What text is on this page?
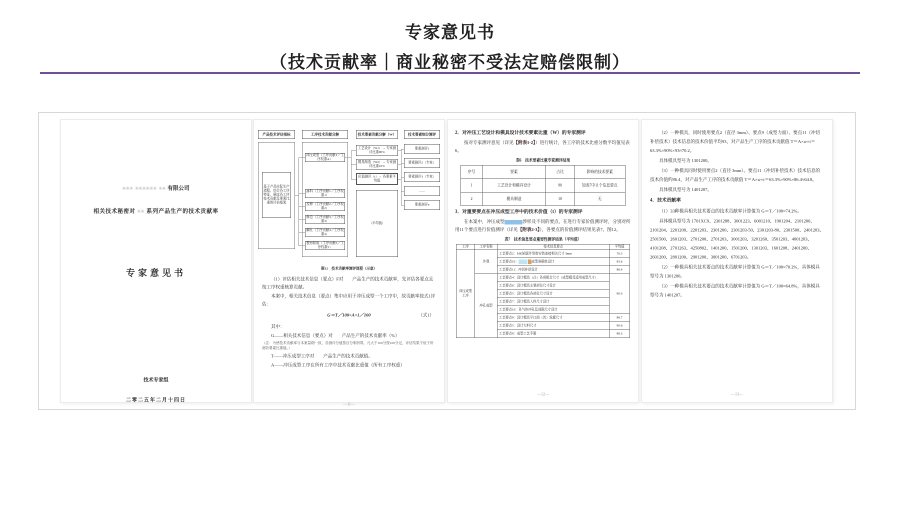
专家意见书
（技术贡献率｜商业秘密不受法定赔偿限制）
××× ×××××× ×× 有限公司
相关技术秘密对 ×× 系列产品生产的技术贡献率
专家意见书
技术专家组
二零二五年二月十四日
产品技术评估指标
基于产品实际生产流程，结合各工序特征，确定各工序技术贡献及要素比重的评估框架
工序技术贡献分解
冲压成型（工序贡献T／工序权重A）
落料（工序贡献1／工序权重1）
拉伸（工序贡献2／工序权重2）
修边（工序贡献3／工序权重3）
翻孔（工序贡献4／工序权重4）
整形检验（工序贡献5／工序权重5）
技术要素贡献分解（W）
工艺设计（W1）→ 专家测评比重90%
模具制造（W2）→ 专家测评比重10%
价值测评（t）→ 各要素平均值
（平均值）
技术要素细分测评
要素测评1
要素测评2（专家）
要素测评3（专家）
……
要素测评n
图12　技术贡献率测评流程（示意）

（1）评估相关技术信息（要点）F对　　产品生产的技术贡献率，先评估各要点且按工序权重核算贡献。

本案中，相关技术信息（要点）集中应用于冲压成型一个工序中，故贡献率按式1评估：

G＝T／100×A×1／100	（式1）

其中：

G——相关技术信息（要点）对　　产品生产的技术贡献率（%）

（注：为使技术贡献率与本案量纲一致，各测评分值按百分制折算，凡大于100分按100分记，评估结果不低于所测各要素比重值。）

T——冲压成型工序对　　产品生产的技术贡献值。

A——冲压成型工序在所有工序中技术贡献比重值（所有工序权重）

—11—
2．对冲压工艺设计和模具设计技术要素比重（W）的专家测评

按对专家测评意见（详见【附表1-2】）进行统计，各工序的技术比重分数平均值见表6。

表6　技术要素比重专家测评结果
序号	要素	占比	影响的技术要素
1	工艺设计和模具设计	90	如表7中11个信息要点
2	模具制造	10	无
3．对重要要点在冲压成型工序中的技术价值（t）的专家测评

在本案中，冲压成型　　 涉样及不同的要点，在进行专家价值测评时，分别对所用11个要点进行价值测评（详见【附表2-3】），各要点的价值测评结果见表7、图12。

表7　技术信息要点重要性测评结果（平均值）
工序	工序名称	技术信息要点	平均值
冲压成型工序	外观	工艺要点2：MK轮廓外形和安装连接相关尺寸 3mm	76.3
		工艺要点10：　　 成型准确性设计	83.6
		工艺要点11：冲切补偿设计	86.4
	冲孔成型	工艺要点4：设计模具（凸）各项配合尺寸（成型模具适用成型尺寸）	90.0
		工艺要点6：设计模具主要部位尺寸设计	
		工艺要点5：设计模具各部位尺寸设计	
		工艺要点7：设计模具入料尺寸设计	
		工艺要点10：各气体冲孔及间隙尺寸设计	
		工艺要点9：设计模具平口面（凹）轮廓尺寸	88.7
		工艺要点5：设计力料尺寸	90.6
		工艺要点8：成型工艺手册	88.3
—12—

（2）一种模具，同时使用要点2（直径 3mm）、要点9（成型力面）、要点11（冲切补偿技术）技术信息的技术价值平均93，对产品生产工序的技术贡献值 T＝A×w×t＝63.3%×90%×93≈70.2。

具体模具型号为 1301200。

（3）一种模具同时使用要点2（直径 3mm）、要点11（冲切补偿技术）技术信息的技术价值约86.4，对产品生产工序的技术贡献值 T＝A×w×t＝63.3%×90%×86.4≈64.8。

具体模具型号为 1401207。

4．技术贡献率

（1）33种模具相关技术要点的技术贡献率计算值为 G＝T／100≈74.2%。

具体模具型号为 1701XC9、2301288、3001223、6001210、1901204、2101200、2101204、2201200、2201203、2301200、2301203-50、2301203-80、2301500、2401203、2501500、2601203、2701200、2701203、3001203、3201260、3501203、4001203、4101208、2701263、4250802、1401200、1501200、1301203、1601208、2401200、2601200、2801200、2901200、3001200、6701203。

（2）一种模具相关技术要点的技术贡献率计算值为 G＝T／100≈70.2%，具体模具型号为 1301200。

（3）一种模具相关技术要点的技术贡献率计算值为 G＝T／100≈64.8%，具体模具型号为 1401207。

—13—
